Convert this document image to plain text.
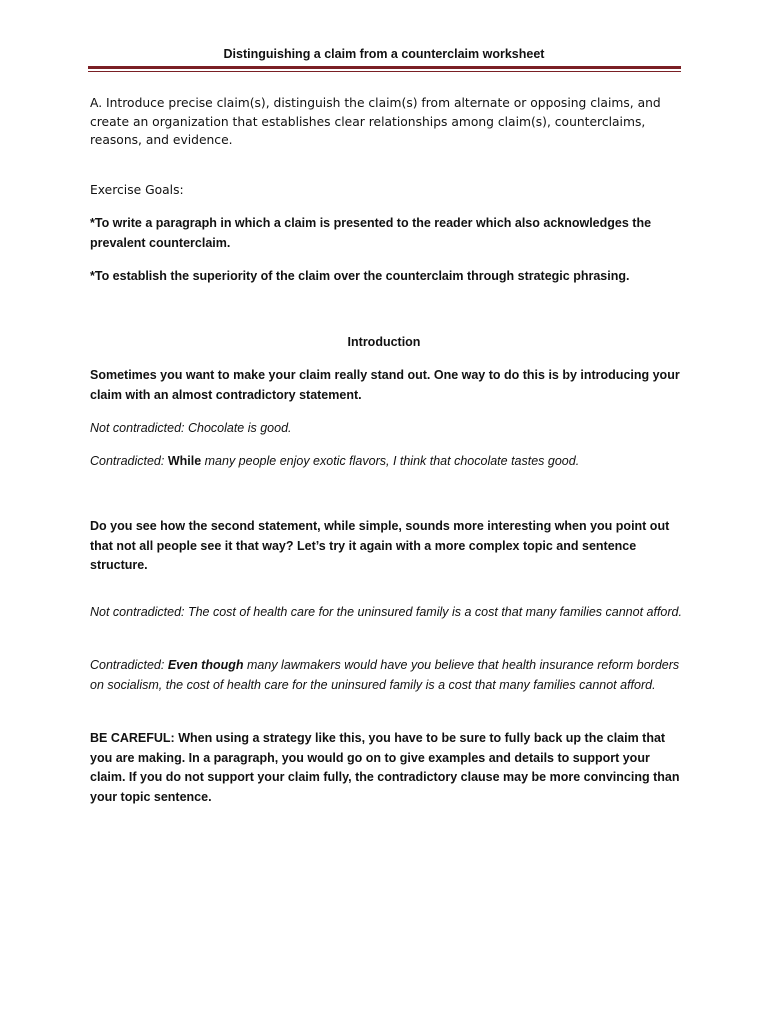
Distinguishing a claim from a counterclaim worksheet

A. Introduce precise claim(s), distinguish the claim(s) from alternate or opposing claims, and create an organization that establishes clear relationships among claim(s), counterclaims, reasons, and evidence.

Exercise Goals:

*To write a paragraph in which a claim is presented to the reader which also acknowledges the prevalent counterclaim.

*To establish the superiority of the claim over the counterclaim through strategic phrasing.

Introduction

Sometimes you want to make your claim really stand out. One way to do this is by introducing your claim with an almost contradictory statement.

Not contradicted: Chocolate is good.

Contradicted: While many people enjoy exotic flavors, I think that chocolate tastes good.

Do you see how the second statement, while simple, sounds more interesting when you point out that not all people see it that way? Let’s try it again with a more complex topic and sentence structure.

Not contradicted: The cost of health care for the uninsured family is a cost that many families cannot afford.

Contradicted: Even though many lawmakers would have you believe that health insurance reform borders on socialism, the cost of health care for the uninsured family is a cost that many families cannot afford.

BE CAREFUL: When using a strategy like this, you have to be sure to fully back up the claim that you are making. In a paragraph, you would go on to give examples and details to support your claim. If you do not support your claim fully, the contradictory clause may be more convincing than your topic sentence.
